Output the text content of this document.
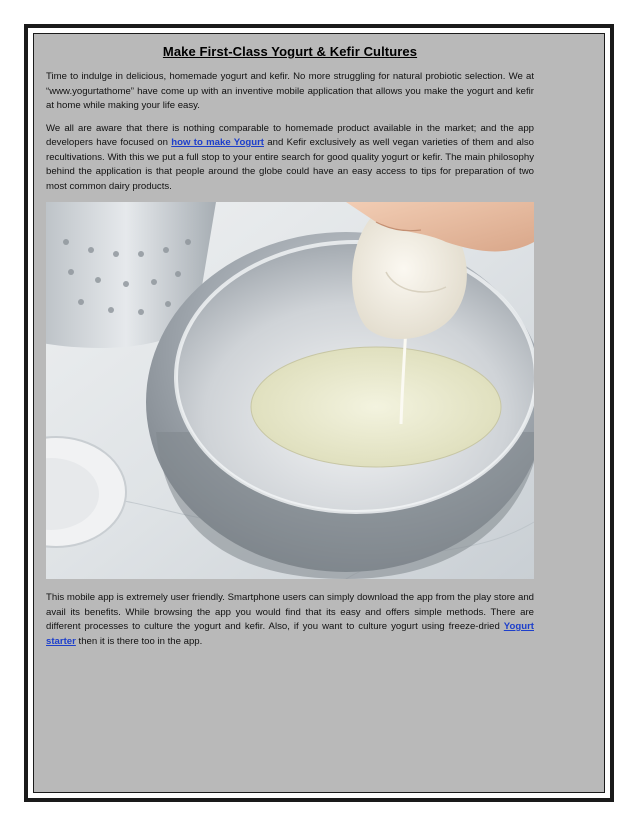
Make First-Class Yogurt & Kefir Cultures

Time to indulge in delicious, homemade yogurt and kefir. No more struggling for natural probiotic selection. We at “www.yogurtathome” have come up with an inventive mobile application that allows you make the yogurt and kefir at home while making your life easy.

We all are aware that there is nothing comparable to homemade product available in the market; and the app developers have focused on how to make Yogurt and Kefir exclusively as well vegan varieties of them and also recultivations. With this we put a full stop to your entire search for good quality yogurt or kefir. The main philosophy behind the application is that people around the globe could have an easy access to tips for preparation of two most common dairy products.

This mobile app is extremely user friendly. Smartphone users can simply download the app from the play store and avail its benefits. While browsing the app you would find that its easy and offers simple methods. There are different processes to culture the yogurt and kefir. Also, if you want to culture yogurt using freeze-dried Yogurt starter then it is there too in the app.
